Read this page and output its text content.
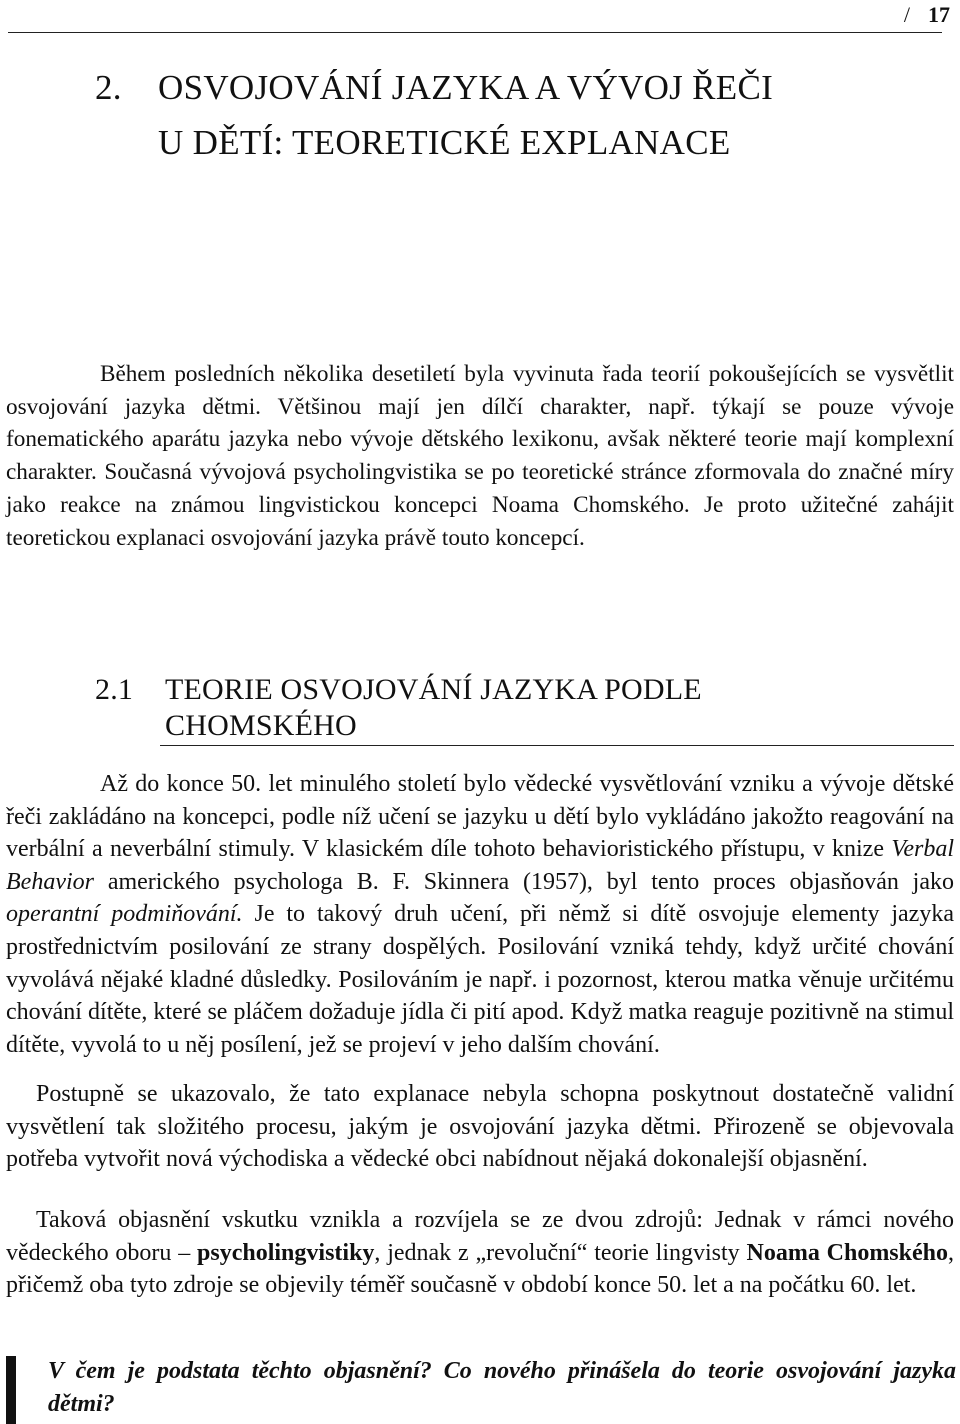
/ 17
2. OSVOJOVÁNÍ JAZYKA A VÝVOJ ŘEČI
U DĚTÍ: TEORETICKÉ EXPLANACE

Během posledních několika desetiletí byla vyvinuta řada teorií pokoušejících se vysvětlit osvojování jazyka dětmi. Většinou mají jen dílčí charakter, např. týkají se pouze vývoje fonematického aparátu jazyka nebo vývoje dětského lexikonu, avšak některé teorie mají komplexní charakter. Současná vývojová psycholingvistika se po teoretické stránce zformovala do značné míry jako reakce na známou lingvistickou koncepci Noama Chomského. Je proto užitečné zahájit teoretickou explanaci osvojování jazyka právě touto koncepcí.

2.1 TEORIE OSVOJOVÁNÍ JAZYKA PODLE
CHOMSKÉHO

Až do konce 50. let minulého století bylo vědecké vysvětlování vzniku a vývoje dětské řeči zakládáno na koncepci, podle níž učení se jazyku u dětí bylo vykládáno jakožto reagování na verbální a neverbální stimuly. V klasickém díle tohoto behavioristického přístupu, v knize Verbal Behavior amerického psychologa B. F. Skinnera (1957), byl tento proces objasňován jako operantní podmiňování. Je to takový druh učení, při němž si dítě osvojuje elementy jazyka prostřednictvím posilování ze strany dospělých. Posilování vzniká tehdy, když určité chování vyvolává nějaké kladné důsledky. Posilováním je např. i pozornost, kterou matka věnuje určitému chování dítěte, které se pláčem dožaduje jídla či pití apod. Když matka reaguje pozitivně na stimul dítěte, vyvolá to u něj posílení, jež se projeví v jeho dalším chování.

Postupně se ukazovalo, že tato explanace nebyla schopna poskytnout dostatečně validní vysvětlení tak složitého procesu, jakým je osvojování jazyka dětmi. Přirozeně se objevovala potřeba vytvořit nová východiska a vědecké obci nabídnout nějaká dokonalejší objasnění.

Taková objasnění vskutku vznikla a rozvíjela se ze dvou zdrojů: Jednak v rámci nového vědeckého oboru – psycholingvistiky, jednak z „revoluční“ teorie lingvisty Noama Chomského, přičemž oba tyto zdroje se objevily téměř současně v období konce 50. let a na počátku 60. let.

V čem je podstata těchto objasnění? Co nového přinášela do teorie osvojování jazyka dětmi?
